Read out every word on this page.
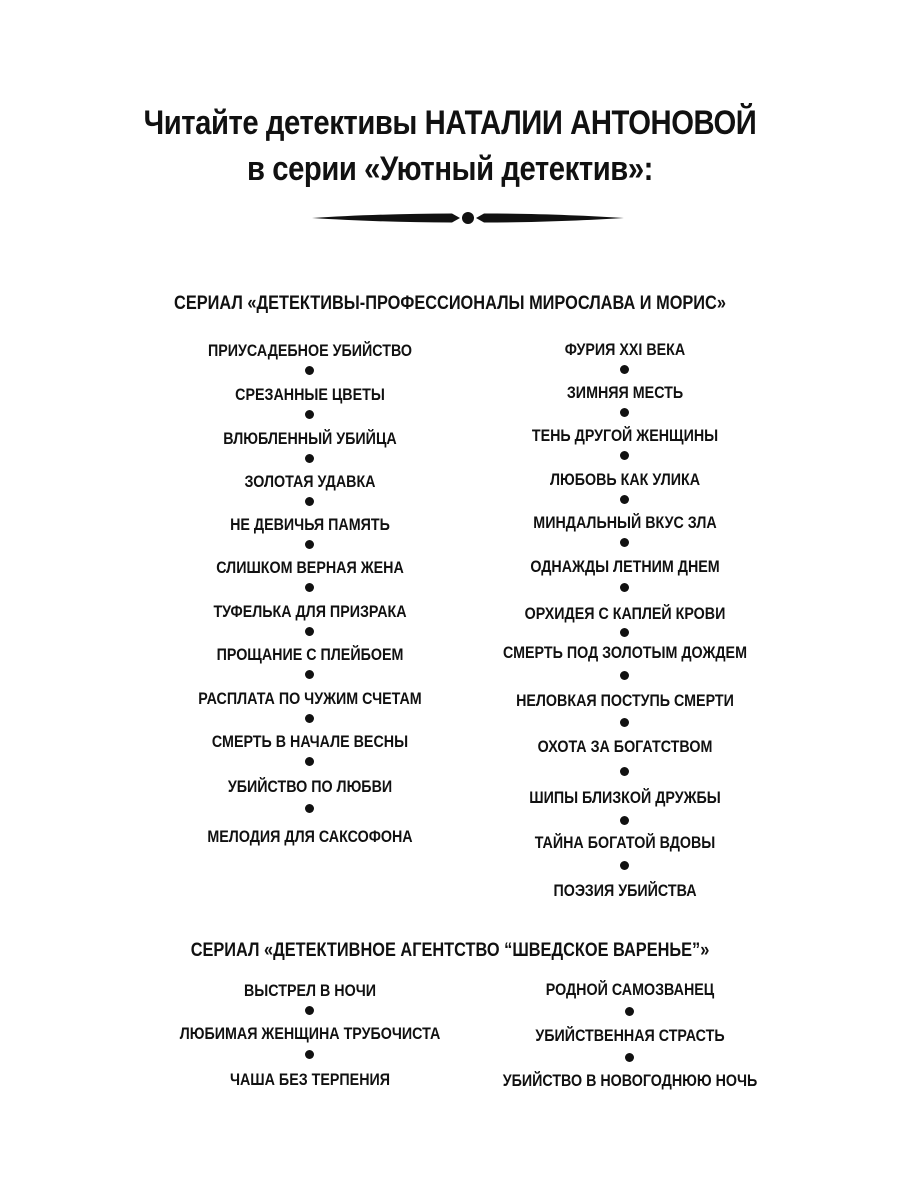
Читайте детективы НАТАЛИИ АНТОНОВОЙ
в серии «Уютный детектив»:
СЕРИАЛ «ДЕТЕКТИВЫ-ПРОФЕССИОНАЛЫ МИРОСЛАВА И МОРИС»
ПРИУСАДЕБНОЕ УБИЙСТВО
СРЕЗАННЫЕ ЦВЕТЫ
ВЛЮБЛЕННЫЙ УБИЙЦА
ЗОЛОТАЯ УДАВКА
НЕ ДЕВИЧЬЯ ПАМЯТЬ
СЛИШКОМ ВЕРНАЯ ЖЕНА
ТУФЕЛЬКА ДЛЯ ПРИЗРАКА
ПРОЩАНИЕ С ПЛЕЙБОЕМ
РАСПЛАТА ПО ЧУЖИМ СЧЕТАМ
СМЕРТЬ В НАЧАЛЕ ВЕСНЫ
УБИЙСТВО ПО ЛЮБВИ
МЕЛОДИЯ ДЛЯ САКСОФОНА
ФУРИЯ XXI ВЕКА
ЗИМНЯЯ МЕСТЬ
ТЕНЬ ДРУГОЙ ЖЕНЩИНЫ
ЛЮБОВЬ КАК УЛИКА
МИНДАЛЬНЫЙ ВКУС ЗЛА
ОДНАЖДЫ ЛЕТНИМ ДНЕМ
ОРХИДЕЯ С КАПЛЕЙ КРОВИ
СМЕРТЬ ПОД ЗОЛОТЫМ ДОЖДЕМ
НЕЛОВКАЯ ПОСТУПЬ СМЕРТИ
ОХОТА ЗА БОГАТСТВОМ
ШИПЫ БЛИЗКОЙ ДРУЖБЫ
ТАЙНА БОГАТОЙ ВДОВЫ
ПОЭЗИЯ УБИЙСТВА
СЕРИАЛ «ДЕТЕКТИВНОЕ АГЕНТСТВО “ШВЕДСКОЕ ВАРЕНЬЕ”»
ВЫСТРЕЛ В НОЧИ
ЛЮБИМАЯ ЖЕНЩИНА ТРУБОЧИСТА
ЧАША БЕЗ ТЕРПЕНИЯ
РОДНОЙ САМОЗВАНЕЦ
УБИЙСТВЕННАЯ СТРАСТЬ
УБИЙСТВО В НОВОГОДНЮЮ НОЧЬ
